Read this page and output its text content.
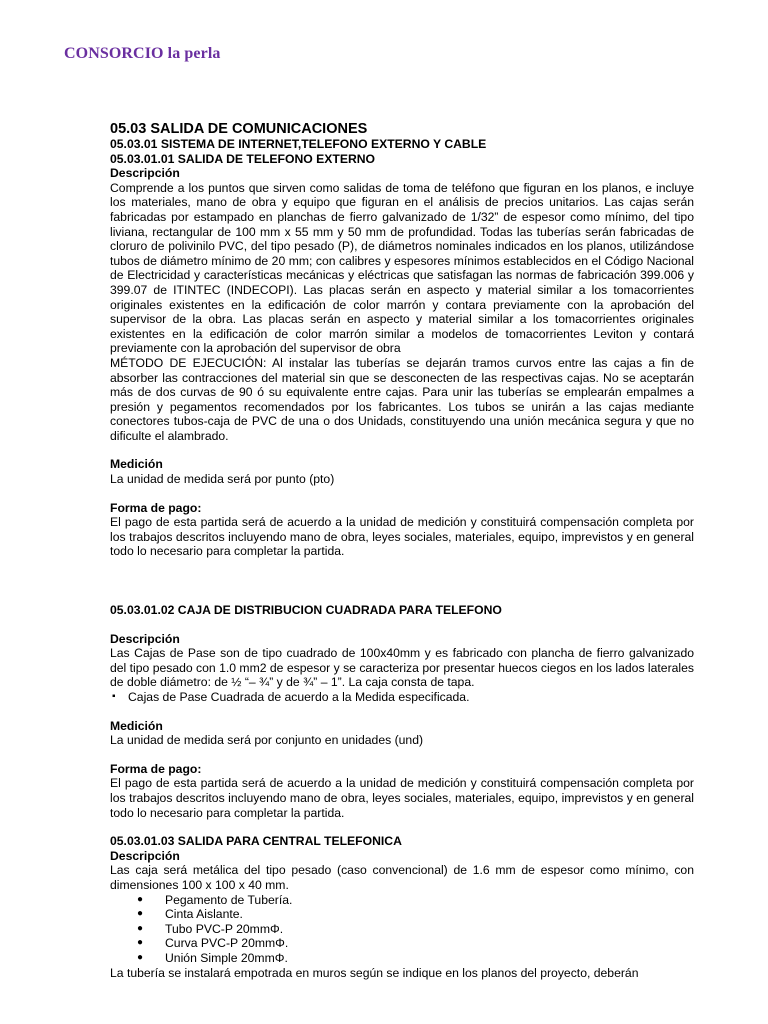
CONSORCIO la perla
05.03 SALIDA DE COMUNICACIONES
05.03.01 SISTEMA DE INTERNET,TELEFONO EXTERNO Y CABLE
05.03.01.01 SALIDA DE TELEFONO EXTERNO
Descripción

Comprende a los puntos que sirven como salidas de toma de teléfono que figuran en los planos, e incluye los materiales, mano de obra y equipo que figuran en el análisis de precios unitarios. Las cajas serán fabricadas por estampado en planchas de fierro galvanizado de 1/32” de espesor como mínimo, del tipo liviana, rectangular de 100 mm x 55 mm y 50 mm de profundidad. Todas las tuberías serán fabricadas de cloruro de polivinilo PVC, del tipo pesado (P), de diámetros nominales indicados en los planos, utilizándose tubos de diámetro mínimo de 20 mm; con calibres y espesores mínimos establecidos en el Código Nacional de Electricidad y características mecánicas y eléctricas que satisfagan las normas de fabricación 399.006 y 399.07 de ITINTEC (INDECOPI). Las placas serán en aspecto y material similar a los tomacorrientes originales existentes en la edificación de color marrón y contara previamente con la aprobación del supervisor de la obra. Las placas serán en aspecto y material similar a los tomacorrientes originales existentes en la edificación de color marrón similar a modelos de tomacorrientes Leviton y contará previamente con la aprobación del supervisor de obra

MÉTODO DE EJECUCIÓN: Al instalar las tuberías se dejarán tramos curvos entre las cajas a fin de absorber las contracciones del material sin que se desconecten de las respectivas cajas. No se aceptarán más de dos curvas de 90 ó su equivalente entre cajas. Para unir las tuberías se emplearán empalmes a presión y pegamentos recomendados por los fabricantes. Los tubos se unirán a las cajas mediante conectores tubos-caja de PVC de una o dos Unidads, constituyendo una unión mecánica segura y que no dificulte el alambrado.

Medición

La unidad de medida será por punto (pto)

Forma de pago:

El pago de esta partida será de acuerdo a la unidad de medición y constituirá compensación completa por los trabajos descritos incluyendo mano de obra, leyes sociales, materiales, equipo, imprevistos y en general todo lo necesario para completar la partida.

05.03.01.02 CAJA DE DISTRIBUCION CUADRADA PARA TELEFONO
Descripción

Las Cajas de Pase son de tipo cuadrado de 100x40mm y es fabricado con plancha de fierro galvanizado del tipo pesado con 1.0 mm2 de espesor y se caracteriza por presentar huecos ciegos en los lados laterales de doble diámetro: de ½ “– ¾” y de ¾” – 1”. La caja consta de tapa.

▪ Cajas de Pase Cuadrada de acuerdo a la Medida especificada.
Medición

La unidad de medida será por conjunto en unidades (und)

Forma de pago:

El pago de esta partida será de acuerdo a la unidad de medición y constituirá compensación completa por los trabajos descritos incluyendo mano de obra, leyes sociales, materiales, equipo, imprevistos y en general todo lo necesario para completar la partida.

05.03.01.03 SALIDA PARA CENTRAL TELEFONICA
Descripción

Las caja será metálica del tipo pesado (caso convencional) de 1.6 mm de espesor como mínimo, con dimensiones 100 x 100 x 40 mm.

● Pegamento de Tubería.
● Cinta Aislante.
● Tubo PVC-P 20mmΦ.
● Curva PVC-P 20mmΦ.
● Unión Simple 20mmΦ.

La tubería se instalará empotrada en muros según se indique en los planos del proyecto, deberán
